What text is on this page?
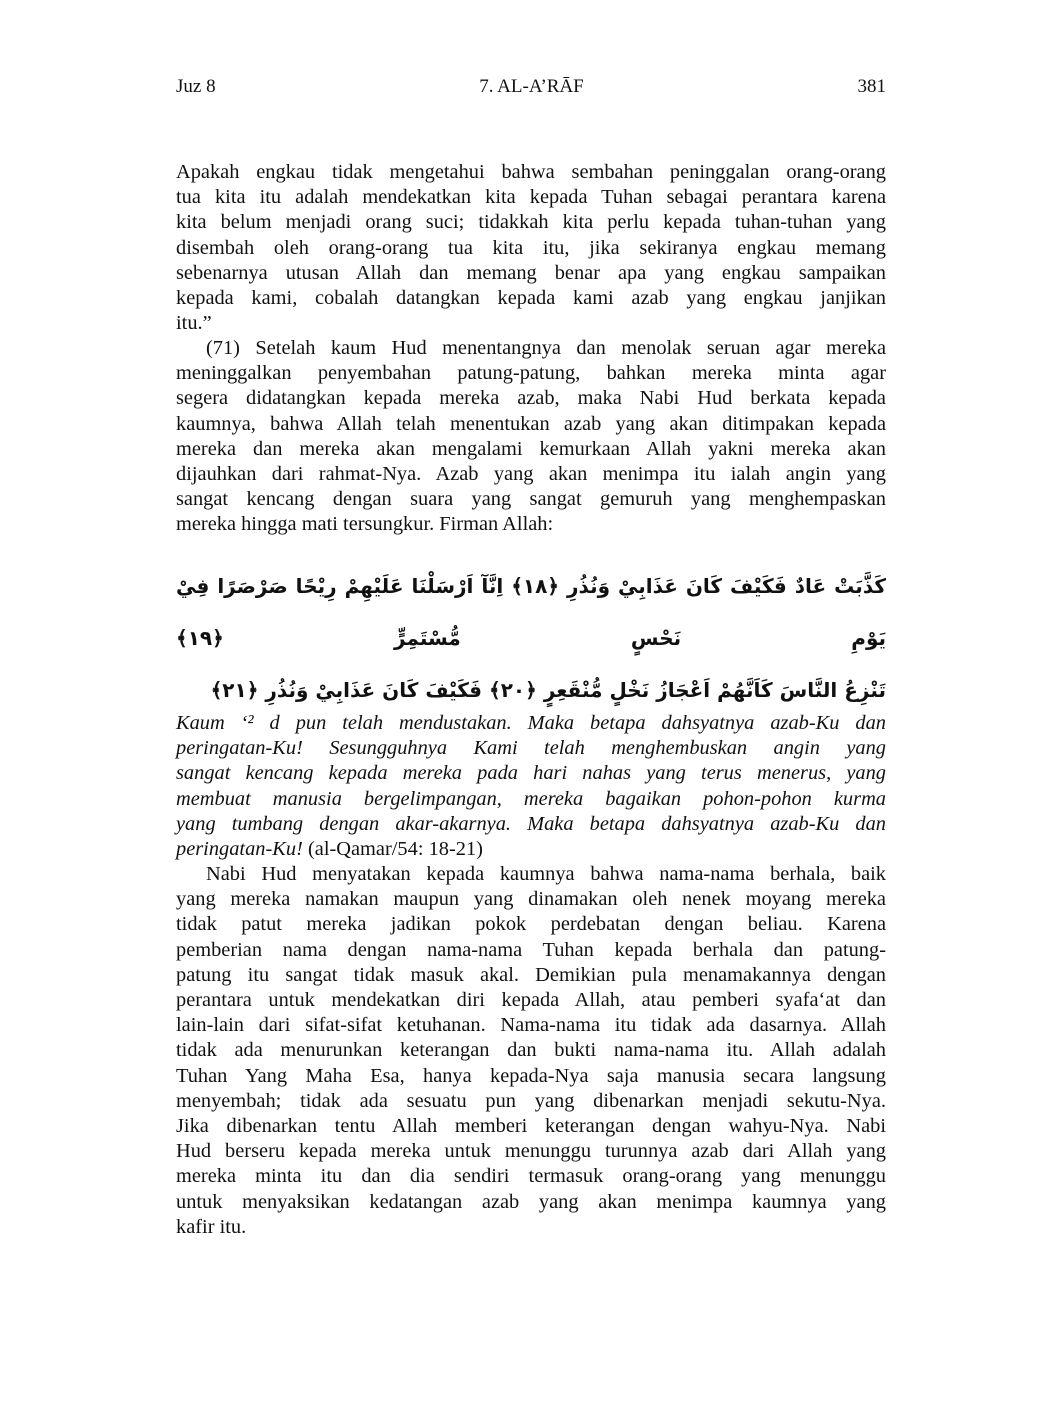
7. AL-A’RĀF
Juz 8	381
Apakah engkau tidak mengetahui bahwa sembahan peninggalan orang-orang
tua kita itu adalah mendekatkan kita kepada Tuhan sebagai perantara karena
kita belum menjadi orang suci; tidakkah kita perlu kepada tuhan-tuhan yang
disembah oleh orang-orang tua kita itu, jika sekiranya engkau memang
sebenarnya utusan Allah dan memang benar apa yang engkau sampaikan
kepada kami, cobalah datangkan kepada kami azab yang engkau janjikan
itu.”
(71) Setelah kaum Hud menentangnya dan menolak seruan agar mereka
meninggalkan penyembahan patung-patung, bahkan mereka minta agar
segera didatangkan kepada mereka azab, maka Nabi Hud berkata kepada
kaumnya, bahwa Allah telah menentukan azab yang akan ditimpakan kepada
mereka dan mereka akan mengalami kemurkaan Allah yakni mereka akan
dijauhkan dari rahmat-Nya. Azab yang akan menimpa itu ialah angin yang
sangat kencang dengan suara yang sangat gemuruh yang menghempaskan
mereka hingga mati tersungkur. Firman Allah:
كَذَّبَتْ عَادٌ فَكَيْفَ كَانَ عَذَابِيْ وَنُذُرِ ﴿١٨﴾ اِنَّآ اَرْسَلْنَا عَلَيْهِمْ رِيْحًا صَرْصَرًا فِيْ يَوْمِ نَحْسٍ مُّسْتَمِرٍّ ﴿١٩﴾
تَنْزِعُ النَّاسَ كَاَنَّهُمْ اَعْجَازُ نَخْلٍ مُّنْقَعِرٍ ﴿٢٠﴾ فَكَيْفَ كَانَ عَذَابِيْ وَنُذُرِ ﴿٢١﴾
Kaum ‘² d pun telah mendustakan. Maka betapa dahsyatnya azab-Ku dan
peringatan-Ku! Sesungguhnya Kami telah menghembuskan angin yang
sangat kencang kepada mereka pada hari nahas yang terus menerus, yang
membuat manusia bergelimpangan, mereka bagaikan pohon-pohon kurma
yang tumbang dengan akar-akarnya. Maka betapa dahsyatnya azab-Ku dan
peringatan-Ku! (al-Qamar/54: 18-21)
Nabi Hud menyatakan kepada kaumnya bahwa nama-nama berhala, baik
yang mereka namakan maupun yang dinamakan oleh nenek moyang mereka
tidak patut mereka jadikan pokok perdebatan dengan beliau. Karena
pemberian nama dengan nama-nama Tuhan kepada berhala dan patung-
patung itu sangat tidak masuk akal. Demikian pula menamakannya dengan
perantara untuk mendekatkan diri kepada Allah, atau pemberi syafa‘at dan
lain-lain dari sifat-sifat ketuhanan. Nama-nama itu tidak ada dasarnya. Allah
tidak ada menurunkan keterangan dan bukti nama-nama itu. Allah adalah
Tuhan Yang Maha Esa, hanya kepada-Nya saja manusia secara langsung
menyembah; tidak ada sesuatu pun yang dibenarkan menjadi sekutu-Nya.
Jika dibenarkan tentu Allah memberi keterangan dengan wahyu-Nya. Nabi
Hud berseru kepada mereka untuk menunggu turunnya azab dari Allah yang
mereka minta itu dan dia sendiri termasuk orang-orang yang menunggu
untuk menyaksikan kedatangan azab yang akan menimpa kaumnya yang
kafir itu.
